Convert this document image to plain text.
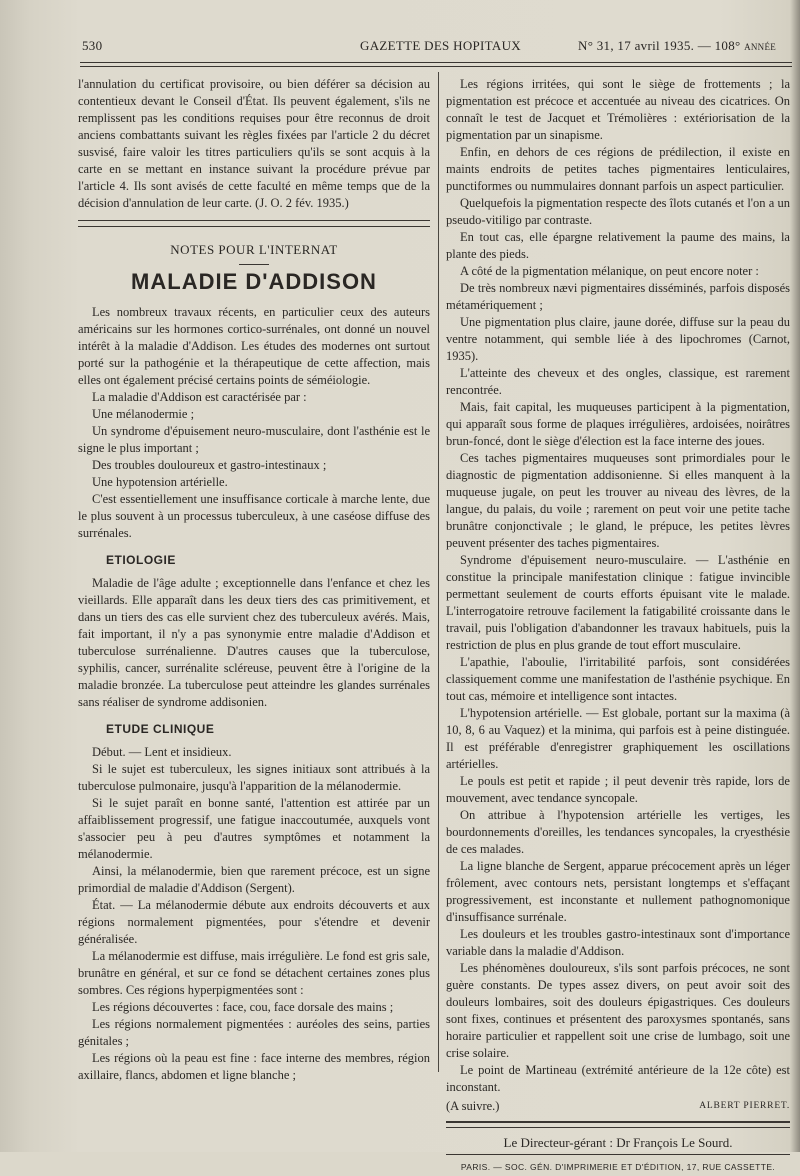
530	GAZETTE DES HOPITAUX	N° 31, 17 avril 1935. — 108° ANNÉE

l'annulation du certificat provisoire, ou bien déférer sa décision au contentieux devant le Conseil d'État. Ils peuvent également, s'ils ne remplissent pas les conditions requises pour être reconnus de droit anciens combattants suivant les règles fixées par l'article 2 du décret susvisé, faire valoir les titres particuliers qu'ils se sont acquis à la carte en se mettant en instance suivant la procédure prévue par l'article 4. Ils sont avisés de cette faculté en même temps que de la décision d'annulation de leur carte. (J. O. 2 fév. 1935.)

NOTES POUR L'INTERNAT
MALADIE D'ADDISON

Les nombreux travaux récents, en particulier ceux des auteurs américains sur les hormones cortico-surrénales, ont donné un nouvel intérêt à la maladie d'Addison. Les études des modernes ont surtout porté sur la pathogénie et la thérapeutique de cette affection, mais elles ont également précisé certains points de séméiologie.

La maladie d'Addison est caractérisée par :

Une mélanodermie ;

Un syndrome d'épuisement neuro-musculaire, dont l'asthénie est le signe le plus important ;

Des troubles douloureux et gastro-intestinaux ;

Une hypotension artérielle.

C'est essentiellement une insuffisance corticale à marche lente, due le plus souvent à un processus tuberculeux, à une caséose diffuse des surrénales.

ETIOLOGIE

Maladie de l'âge adulte ; exceptionnelle dans l'enfance et chez les vieillards. Elle apparaît dans les deux tiers des cas primitivement, et dans un tiers des cas elle survient chez des tuberculeux avérés. Mais, fait important, il n'y a pas synonymie entre maladie d'Addison et tuberculose surrénalienne. D'autres causes que la tuberculose, syphilis, cancer, surrénalite scléreuse, peuvent être à l'origine de la maladie bronzée. La tuberculose peut atteindre les glandes surrénales sans réaliser de syndrome addisonien.

ETUDE CLINIQUE

Début. — Lent et insidieux.

Si le sujet est tuberculeux, les signes initiaux sont attribués à la tuberculose pulmonaire, jusqu'à l'apparition de la mélanodermie.

Si le sujet paraît en bonne santé, l'attention est attirée par un affaiblissement progressif, une fatigue inaccoutumée, auxquels vont s'associer peu à peu d'autres symptômes et notamment la mélanodermie.

Ainsi, la mélanodermie, bien que rarement précoce, est un signe primordial de maladie d'Addison (Sergent).

État. — La mélanodermie débute aux endroits découverts et aux régions normalement pigmentées, pour s'étendre et devenir généralisée.

La mélanodermie est diffuse, mais irrégulière. Le fond est gris sale, brunâtre en général, et sur ce fond se détachent certaines zones plus sombres. Ces régions hyperpigmentées sont :

Les régions découvertes : face, cou, face dorsale des mains ;

Les régions normalement pigmentées : auréoles des seins, parties génitales ;

Les régions où la peau est fine : face interne des membres, région axillaire, flancs, abdomen et ligne blanche ;

Les régions irritées, qui sont le siège de frottements ; la pigmentation est précoce et accentuée au niveau des cicatrices. On connaît le test de Jacquet et Trémolières : extériorisation de la pigmentation par un sinapisme.

Enfin, en dehors de ces régions de prédilection, il existe en maints endroits de petites taches pigmentaires lenticulaires, punctiformes ou nummulaires donnant parfois un aspect particulier.

Quelquefois la pigmentation respecte des îlots cutanés et l'on a un pseudo-vitiligo par contraste.

En tout cas, elle épargne relativement la paume des mains, la plante des pieds.

A côté de la pigmentation mélanique, on peut encore noter :

De très nombreux nævi pigmentaires disséminés, parfois disposés métamériquement ;

Une pigmentation plus claire, jaune dorée, diffuse sur la peau du ventre notamment, qui semble liée à des lipochromes (Carnot, 1935).

L'atteinte des cheveux et des ongles, classique, est rarement rencontrée.

Mais, fait capital, les muqueuses participent à la pigmentation, qui apparaît sous forme de plaques irrégulières, ardoisées, noirâtres brun-foncé, dont le siège d'élection est la face interne des joues.

Ces taches pigmentaires muqueuses sont primordiales pour le diagnostic de pigmentation addisonienne. Si elles manquent à la muqueuse jugale, on peut les trouver au niveau des lèvres, de la langue, du palais, du voile ; rarement on peut voir une petite tache brunâtre conjonctivale ; le gland, le prépuce, les petites lèvres peuvent présenter des taches pigmentaires.

Syndrome d'épuisement neuro-musculaire. — L'asthénie en constitue la principale manifestation clinique : fatigue invincible permettant seulement de courts efforts épuisant vite le malade. L'interrogatoire retrouve facilement la fatigabilité croissante dans le travail, puis l'obligation d'abandonner les travaux habituels, puis la restriction de plus en plus grande de tout effort musculaire.

L'apathie, l'aboulie, l'irritabilité parfois, sont considérées classiquement comme une manifestation de l'asthénie psychique. En tout cas, mémoire et intelligence sont intactes.

L'hypotension artérielle. — Est globale, portant sur la maxima (à 10, 8, 6 au Vaquez) et la minima, qui parfois est à peine distinguée. Il est préférable d'enregistrer graphiquement les oscillations artérielles.

Le pouls est petit et rapide ; il peut devenir très rapide, lors de mouvement, avec tendance syncopale.

On attribue à l'hypotension artérielle les vertiges, les bourdonnements d'oreilles, les tendances syncopales, la cryesthésie de ces malades.

La ligne blanche de Sergent, apparue précocement après un léger frôlement, avec contours nets, persistant longtemps et s'effaçant progressivement, est inconstante et nullement pathognomonique d'insuffisance surrénale.

Les douleurs et les troubles gastro-intestinaux sont d'importance variable dans la maladie d'Addison.

Les phénomènes douloureux, s'ils sont parfois précoces, ne sont guère constants. De types assez divers, on peut avoir soit des douleurs lombaires, soit des douleurs épigastriques. Ces douleurs sont fixes, continues et présentent des paroxysmes spontanés, sans horaire particulier et rappellent soit une crise de lumbago, soit une crise solaire.

Le point de Martineau (extrémité antérieure de la 12e côte) est inconstant.

(A suivre.)	ALBERT PIERRET.
Le Directeur-gérant : Dr François Le Sourd.
PARIS. — SOC. GÉN. D'IMPRIMERIE ET D'ÉDITION, 17, RUE CASSETTE.
